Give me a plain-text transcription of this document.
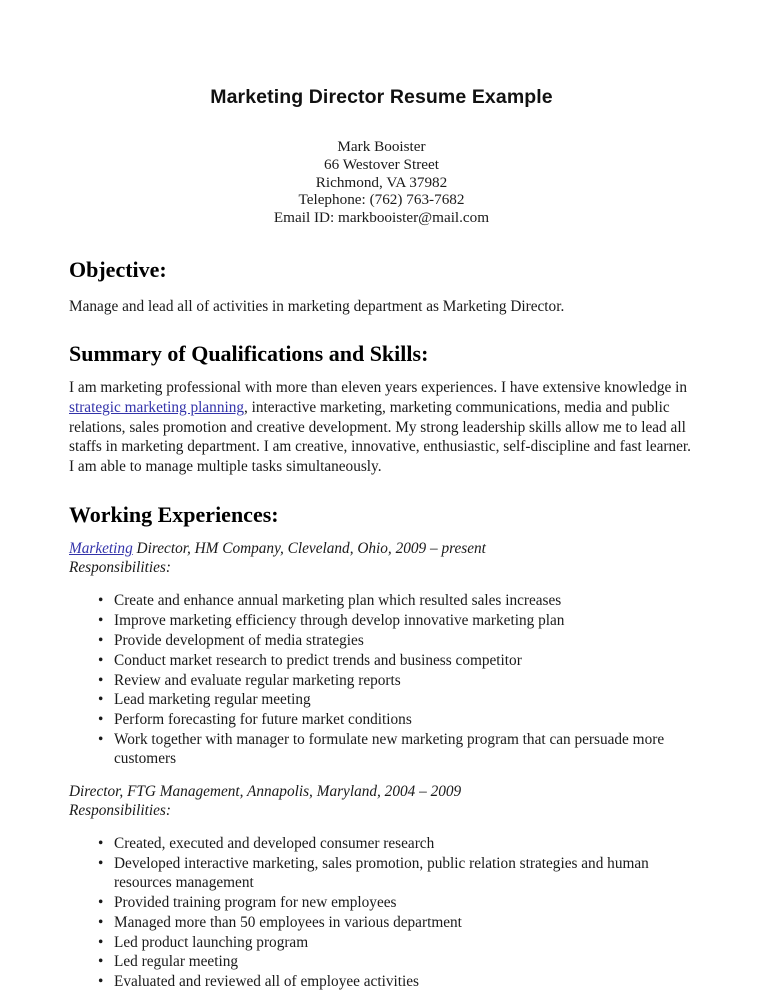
Marketing Director Resume Example
Mark Booister
66 Westover Street
Richmond, VA 37982
Telephone: (762) 763-7682
Email ID: markbooister@mail.com
Objective:

Manage and lead all of activities in marketing department as Marketing Director.

Summary of Qualifications and Skills:

I am marketing professional with more than eleven years experiences. I have extensive knowledge in strategic marketing planning, interactive marketing, marketing communications, media and public relations, sales promotion and creative development. My strong leadership skills allow me to lead all staffs in marketing department. I am creative, innovative, enthusiastic, self-discipline and fast learner. I am able to manage multiple tasks simultaneously.

Working Experiences:

Marketing Director, HM Company, Cleveland, Ohio, 2009 – present

Responsibilities:

• Create and enhance annual marketing plan which resulted sales increases
• Improve marketing efficiency through develop innovative marketing plan
• Provide development of media strategies
• Conduct market research to predict trends and business competitor
• Review and evaluate regular marketing reports
• Lead marketing regular meeting
• Perform forecasting for future market conditions
• Work together with manager to formulate new marketing program that can persuade more customers

Director, FTG Management, Annapolis, Maryland, 2004 – 2009

Responsibilities:

• Created, executed and developed consumer research
• Developed interactive marketing, sales promotion, public relation strategies and human resources management
• Provided training program for new employees
• Managed more than 50 employees in various department
• Led product launching program
• Led regular meeting
• Evaluated and reviewed all of employee activities
